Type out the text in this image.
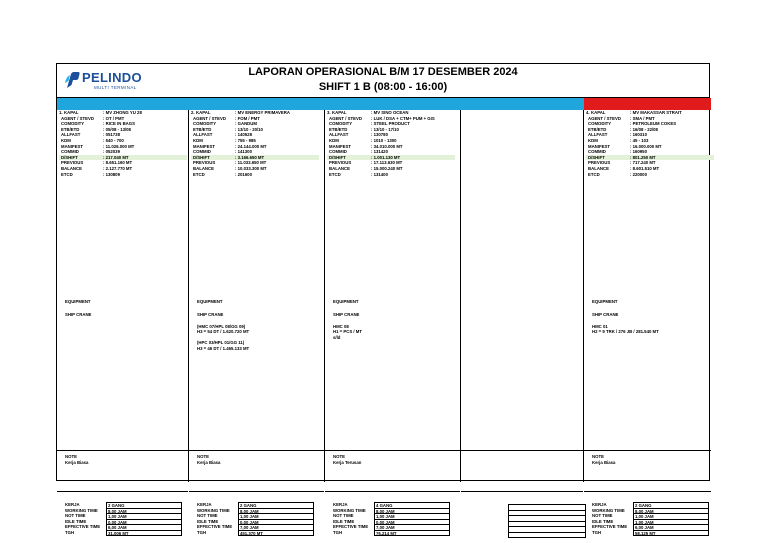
PELINDO
MULTI TERMINAL
LAPORAN OPERASIONAL B/M 17 DESEMBER 2024
SHIFT 1 B (08:00 - 16:00)
1. KAPAL	: MV ZHONG YU 28
AGENT / STEVD : OT / PMT
COMODITY	: RICE IN BAGS
ETB/ETD	: 05/08 - 13/08
ALLFAST	: 051738
KDM	: 540 - 700
MANIFEST	: 11.026.000 MT
COMMID	: 052039
D/SHIFT	: 217.040 MT
PREVIOUS	: 8.651.160 MT
BALANCE	: 2.127.770 MT
ETCD	: 130809
EQUIPMENT
SHIP CRANE
NOTE
Kerja Biasa
KERJA	2 GANG
WORKING TIME	8,00 JAM
NOT TIME	1,00 JAM
IDLE TIME	0,00 JAM
EFFECTIVE TIME	6,00 JAM
TGH	31.006 MT
2. KAPAL	: MV ENERGY PRIMAVERA
AGENT / STEVD : FOM / PMT
COMODITY	: GANDUM
ETB/ETD	: 13/10 - 20/10
ALLFAST	: 140528
KDM	: 755 - 985
MANIFEST	: 24.144.000 MT
COMMID	: 141300
D/SHIFT	: 3.166.650 MT
PREVIOUS	: 11.033.650 MT
BALANCE	: 10.033.300 MT
ETCD	: 201600
EQUIPMENT
SHIP CRANE
(HMC 07/HPL 08/GG 09)
H3 = 54 DT / 1.620.720 MT
(HPC 03/HPL 01/GG 11)
H3 = 46 DT / 1.465.133 MT
NOTE
Kerja Biasa
KERJA	2 GANG
WORKING TIME	8,00 JAM
NOT TIME	1,00 JAM
IDLE TIME	0,00 JAM
EFFECTIVE TIME	7,00 JAM
TGH	451.370 MT
3. KAPAL	: MV SINO OCEAN
AGENT / STEVD : LUK / DSA + CTM+ PUM + GIS
COMODITY	: STEEL PRODUCT
ETB/ETD	: 13/10 - 17/10
ALLFAST	: 130780
KDM	: 1010 - 1300
MANIFEST	: 34.010.000 MT
COMMID	: 131420
D/SHIFT	: 1.001.130 MT
PREVIOUS	: 17.113.630 MT
BALANCE	: 15.000.240 MT
ETCD	: 131400
EQUIPMENT
SHIP CRANE
HMC 08
H1 = PCS / MT
s/ld
NOTE
Kerja Terusan
KERJA	4 GANG
WORKING TIME	8,00 JAM
NOT TIME	1,00 JAM
IDLE TIME	0,00 JAM
EFFECTIVE TIME	7,00 JAM
TGH	76.214 MT
4. KAPAL	: MV MAKASSAR STRAIT
AGENT / STEVD : SMA / PMT
COMODITY	: PETROLEUM COKES
ETB/ETD	: 16/08 - 22/08
ALLFAST	: 160310
KDM	: 45 - 103
MANIFEST	: 16.000.000 MT
COMMID	: 160950
D/SHIFT	: 801.250 MT
PREVIOUS	: 717.240 MT
BALANCE	: 8.601.510 MT
ETCD	: 220000
EQUIPMENT
SHIP CRANE
HMC 01
H2 = 9 TRK / 276 JB / 281.540 MT
NOTE
Kerja Biasa
KERJA	2 GANG
WORKING TIME	8,00 JAM
NOT TIME	1,00 JAM
IDLE TIME	1,00 JAM
EFFECTIVE TIME	6,00 JAM
TGH	58.125 MT
